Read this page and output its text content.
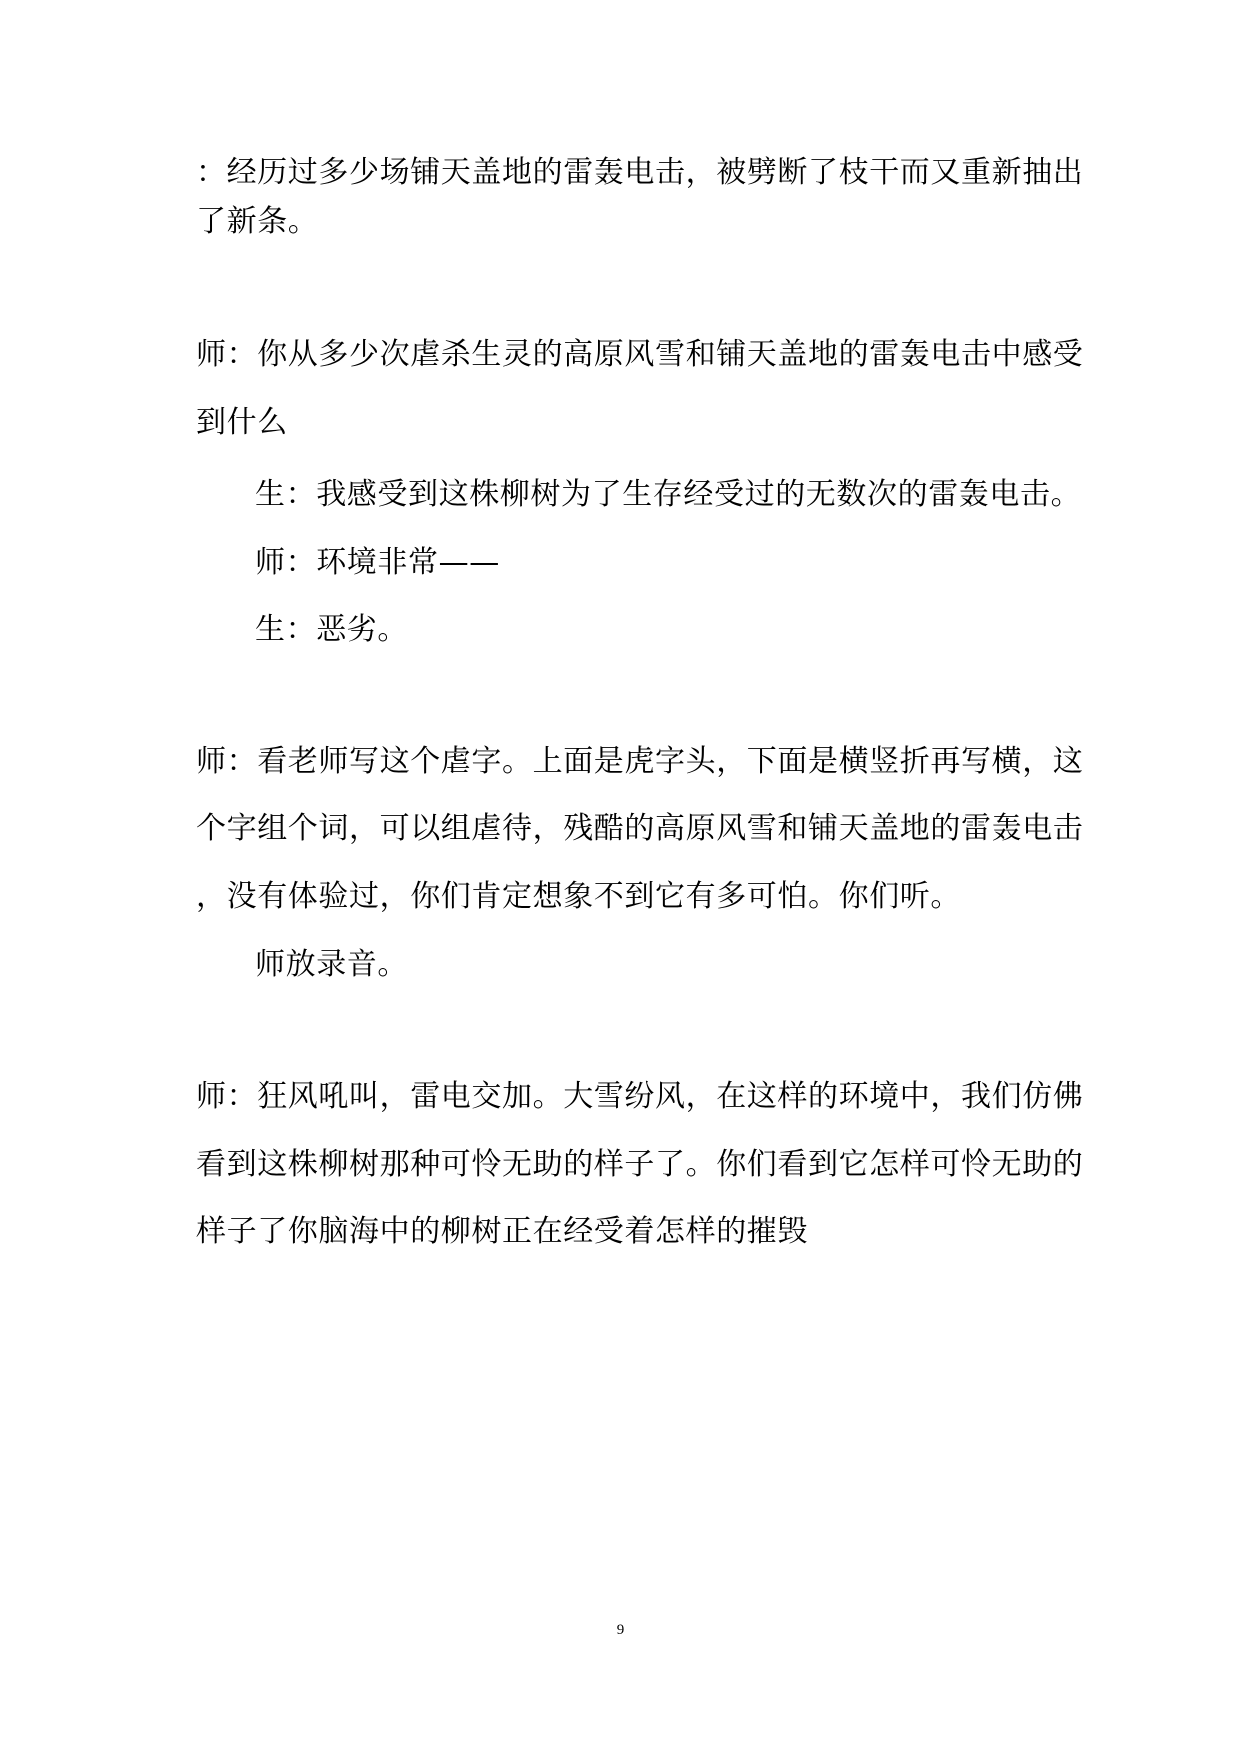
：经历过多少场铺天盖地的雷轰电击，被劈断了枝干而又重新抽出
了新条。
师：你从多少次虐杀生灵的高原风雪和铺天盖地的雷轰电击中感受
到什么
生：我感受到这株柳树为了生存经受过的无数次的雷轰电击。
师：环境非常——
生：恶劣。
师：看老师写这个虐字。上面是虎字头，下面是横竖折再写横，这
个字组个词，可以组虐待，残酷的高原风雪和铺天盖地的雷轰电击
，没有体验过，你们肯定想象不到它有多可怕。你们听。
师放录音。
师：狂风吼叫，雷电交加。大雪纷风，在这样的环境中，我们仿佛
看到这株柳树那种可怜无助的样子了。你们看到它怎样可怜无助的
样子了你脑海中的柳树正在经受着怎样的摧毁
9
